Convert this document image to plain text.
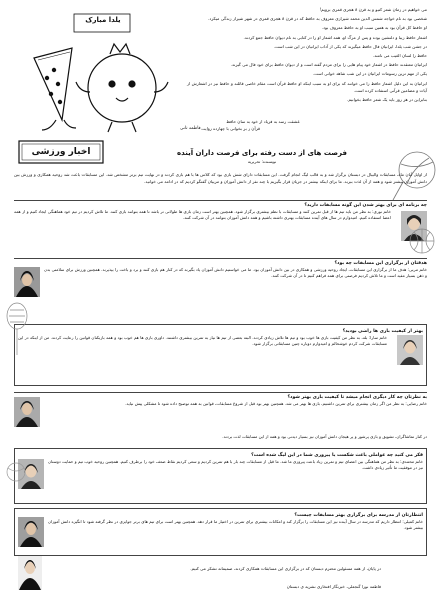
یلدا مبارک

می خواهیم در زمان شعر کتیو و به قرن ۸ هجری قمری برویم!

شخصی بود به نام خواجه شمس الدین محمد شیرازی معروف به حافظ که در قرن ۸ هجری قمری در شهر شیراز زندگی میکرد.

او حافظ کل قرآن بود به همین سبب او به حافظ معروف بود.

اشعار حافظ زیبا و دلنشین بوده و پس از مرگ او، همه اشعار او را در کتابی به نام دیوان حافظ جمع کردند.

در جشن شب یلدا، ایرانیان فال حافظ میگیرند که یکی از آداب ایرانیان در این شب است.

حافظ را لسان الغیب می نامند.

ایرانیان معتقدند حافظ در اشعار خود پیام هایی را برای مردم گفته است و از دیوان حافظ برای خود فال می گیرند.

یکی از مهم ترین رسومات ایرانیان در این شب شاهد خوانی است.

ایرانیان به این دلیل اشعار حافظ را می خوانند که برای او به سبب اینکه او حافظ قرآن است مقام خاصی قائلند و حافظ نیز در اشعارش از آیات و مضامین قرآنی استفاده کرده است.

بنابراین در هر روز باید یک شعر حافظ بخوانیم.

عشقت رسد به فریاد ار خود به سان حافظ
قرآن ز بر بخوانی با چهارده روایت
فاطمه ثانی
فرصت های از دست رفته برای فرصت داران آینده
نویسنده: تحریریه
اخبار ورزشی
از اوایل آبان ماه، مسابقات والیبال در دبستان برگزار شد و به قالب لیگ انجام گرفت. این مسابقات دارای شش بازی بود که کلاس ها با هم بازی کردند و در نهایت تیم برتر مشخص شد. این مسابقات باعث شد روحیه همکاری و ورزش بین دانش آموزان بیشتر شود و همه از آن لذت ببرند. ما برای اینکه بیشتر در جریان قرار بگیریم با چند نفر از دانش آموزان و مربیان گفتگو کردیم که در ادامه می خوانید.
چه برنامه ای برای بهتر شدن این گونه مسابقات دارید؟
خانم نوری: به نظر من باید تیم ها از قبل تمرین کنند و مسابقات با نظم بیشتری برگزار شود. همچنین بهتر است زمان بازی ها طولانی تر باشد تا همه بتوانند بازی کنند. ما تلاش کردیم در تیم خود هماهنگی ایجاد کنیم و از همه اعضا استفاده کنیم. امیدوارم در سال های آینده مسابقات بهتری داشته باشیم و همه دانش آموزان بتوانند در آن شرکت کنند.
هدفتان از برگزاری این مسابقات چه بود؟
خانم مربی: هدف ما از برگزاری این مسابقات، ایجاد روحیه ورزشی و همکاری در بین دانش آموزان بود. ما می خواستیم دانش آموزان یاد بگیرند که در کنار هم بازی کنند و برد و باخت را بپذیرند. همچنین ورزش برای سلامتی بدن و ذهن بسیار مفید است و ما تلاش کردیم فرصتی برای همه فراهم کنیم تا در آن شرکت کنند.
بهتر از کیفیت بازی ها راضی بودید؟
خانم سارا: بله، به نظر من کیفیت بازی ها خوب بود و تیم ها تلاش زیادی کردند. البته بعضی از تیم ها نیاز به تمرین بیشتری داشتند. داوری بازی ها هم خوب بود و همه بازیکنان قوانین را رعایت کردند. من از اینکه در این مسابقات شرکت کردم خوشحالم و امیدوارم دوباره چنین مسابقاتی برگزار شود.
به نظرتان چه کار دیگری انجام میشد تا کیفیت بازی بهتر شود؟
خانم رضایی: به نظر من اگر زمان بیشتری برای تمرین داشتیم، بازی ها بهتر می شد. همچنین بهتر بود قبل از شروع مسابقات، قوانین به همه توضیح داده شود تا مشکلی پیش نیاید.
در کنار تماشاگران، تشویق و بازی پرشور و پر هیجان دانش آموزان نیز بسیار دیدنی بود و همه از این مسابقات لذت بردند.
فکر می کنید چه عواملی باعث شکست یا پیروزی شما در این لیگ شده است؟
خانم محمدی: به نظر من هماهنگی بین اعضای تیم و تمرین زیاد باعث پیروزی ما شد. ما قبل از مسابقات چند بار با هم تمرین کردیم و سعی کردیم نقاط ضعف خود را برطرف کنیم. همچنین روحیه خوب تیم و حمایت دوستان نیز در موفقیت ما تأثیر زیادی داشت.
انتظارتان از مدرسه برای برگزاری بهتر مسابقات چیست؟
خانم کمیلی: انتظار داریم که مدرسه در سال آینده نیز این مسابقات را برگزار کند و امکانات بیشتری برای تمرین در اختیار ما قرار دهد. همچنین بهتر است برای تیم های برتر جوایزی در نظر گرفته شود تا انگیزه دانش آموزان بیشتر شود.
در پایان، از همه مسئولین محترم دبستان که در برگزاری این مسابقات همکاری کردند، صمیمانه تشکر می کنیم.
فاطمه نورا گنجعلی، خبرنگار افتخاری نشریه ی دبستان
